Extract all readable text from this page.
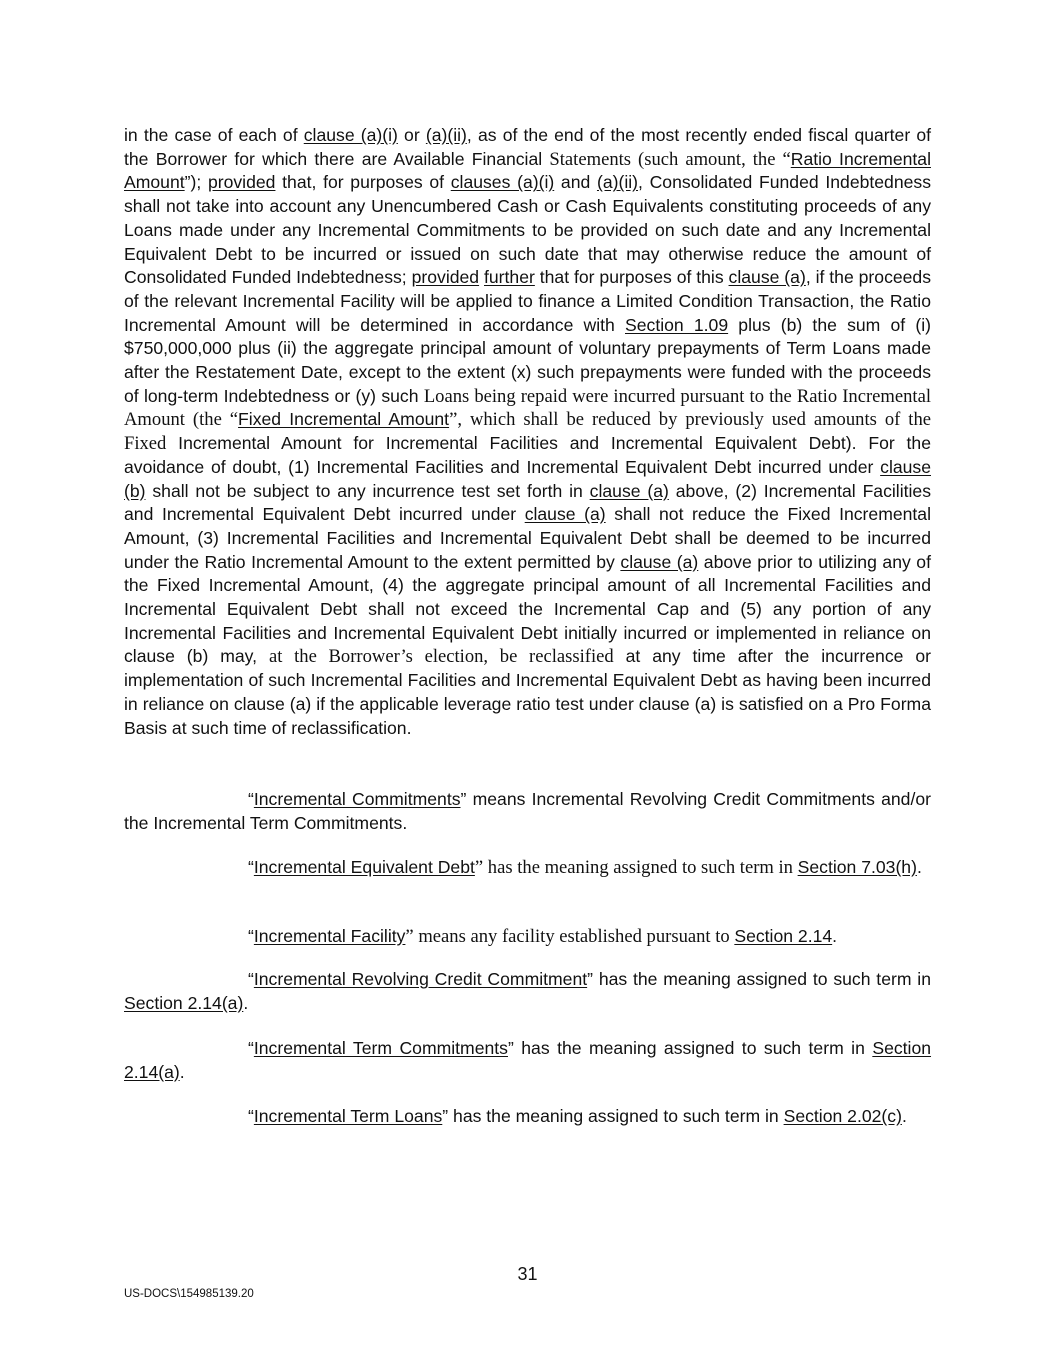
in the case of each of clause (a)(i) or (a)(ii), as of the end of the most recently ended fiscal quarter of the Borrower for which there are Available Financial Statements (such amount, the “Ratio Incremental Amount”); provided that, for purposes of clauses (a)(i) and (a)(ii), Consolidated Funded Indebtedness shall not take into account any Unencumbered Cash or Cash Equivalents constituting proceeds of any Loans made under any Incremental Commitments to be provided on such date and any Incremental Equivalent Debt to be incurred or issued on such date that may otherwise reduce the amount of Consolidated Funded Indebtedness; provided further that for purposes of this clause (a), if the proceeds of the relevant Incremental Facility will be applied to finance a Limited Condition Transaction, the Ratio Incremental Amount will be determined in accordance with Section 1.09 plus (b) the sum of (i) $750,000,000 plus (ii) the aggregate principal amount of voluntary prepayments of Term Loans made after the Restatement Date, except to the extent (x) such prepayments were funded with the proceeds of long-term Indebtedness or (y) such Loans being repaid were incurred pursuant to the Ratio Incremental Amount (the “Fixed Incremental Amount”, which shall be reduced by previously used amounts of the Fixed Incremental Amount for Incremental Facilities and Incremental Equivalent Debt). For the avoidance of doubt, (1) Incremental Facilities and Incremental Equivalent Debt incurred under clause (b) shall not be subject to any incurrence test set forth in clause (a) above, (2) Incremental Facilities and Incremental Equivalent Debt incurred under clause (a) shall not reduce the Fixed Incremental Amount, (3) Incremental Facilities and Incremental Equivalent Debt shall be deemed to be incurred under the Ratio Incremental Amount to the extent permitted by clause (a) above prior to utilizing any of the Fixed Incremental Amount, (4) the aggregate principal amount of all Incremental Facilities and Incremental Equivalent Debt shall not exceed the Incremental Cap and (5) any portion of any Incremental Facilities and Incremental Equivalent Debt initially incurred or implemented in reliance on clause (b) may, at the Borrower’s election, be reclassified at any time after the incurrence or implementation of such Incremental Facilities and Incremental Equivalent Debt as having been incurred in reliance on clause (a) if the applicable leverage ratio test under clause (a) is satisfied on a Pro Forma Basis at such time of reclassification.

“Incremental Commitments” means Incremental Revolving Credit Commitments and/or the Incremental Term Commitments.

“Incremental Equivalent Debt” has the meaning assigned to such term in Section 7.03(h).

“Incremental Facility” means any facility established pursuant to Section 2.14.

“Incremental Revolving Credit Commitment” has the meaning assigned to such term in Section 2.14(a).

“Incremental Term Commitments” has the meaning assigned to such term in Section 2.14(a).

“Incremental Term Loans” has the meaning assigned to such term in Section 2.02(c).

31
US-DOCS\154985139.20
